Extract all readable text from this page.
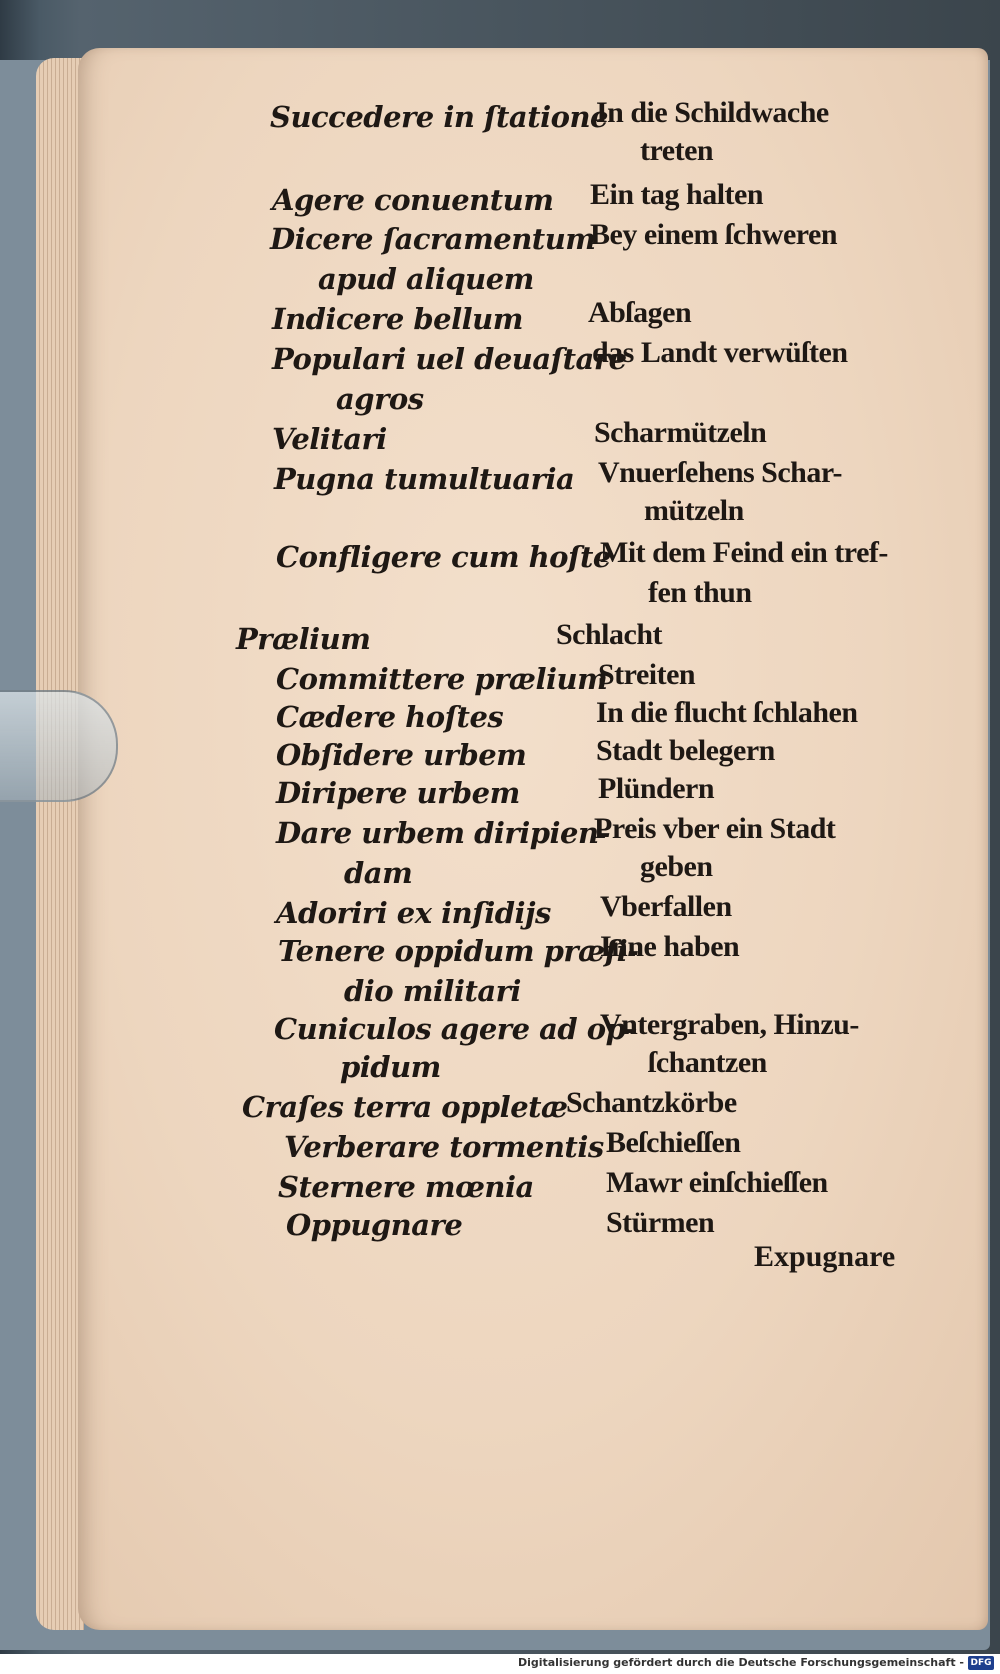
Succedere in ſtatione
Agere conuentum
Dicere ſacramentum
apud aliquem
Indicere bellum
Populari uel deuaſtare
agros
Velitari
Pugna tumultuaria
Confligere cum hoſte
Prælium
Committere prælium
Cædere hoſtes
Obſidere urbem
Diripere urbem
Dare urbem diripien-
dam
Adoriri ex inſidijs
Tenere oppidum præſi-
dio militari
Cuniculos agere ad op-
pidum
Craſes terra oppletæ
Verberare tormentis
Sternere mœnia
Oppugnare
In die Schildwache
treten
Ein tag halten
Bey einem ſchweren
Abſagen
das Landt verwüſten
Scharmützeln
Vnuerſehens Schar-
mützeln
Mit dem Feind ein tref-
fen thun
Schlacht
Streiten
In die flucht ſchlahen
Stadt belegern
Plündern
Preis vber ein Stadt
geben
Vberfallen
Inne haben
Vntergraben, Hinzu-
ſchantzen
Schantzkörbe
Beſchieſſen
Mawr einſchieſſen
Stürmen
Expugnare
Digitalisierung gefördert durch die Deutsche Forschungsgemeinschaft - DFG
